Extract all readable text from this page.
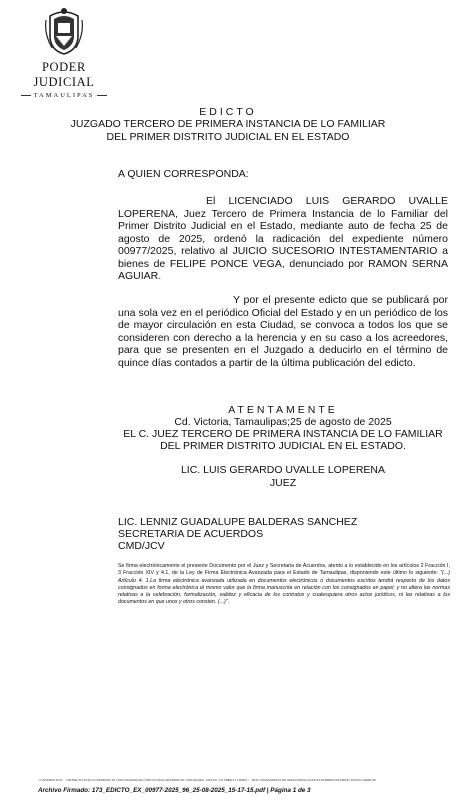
PODER JUDICIAL
TAMAULIPAS
EDICTO
JUZGADO TERCERO DE PRIMERA INSTANCIA DE LO FAMILIAR
DEL PRIMER DISTRITO JUDICIAL EN EL ESTADO
A QUIEN CORRESPONDA:
El LICENCIADO LUIS GERARDO UVALLE LOPERENA, Juez Tercero de Primera Instancia de lo Familiar del Primer Distrito Judicial en el Estado, mediante auto de fecha 25 de agosto de 2025, ordenó la radicación del expediente número 00977/2025, relativo al JUICIO SUCESORIO INTESTAMENTARIO a bienes de FELIPE PONCE VEGA, denunciado por RAMON SERNA AGUIAR.
Y por el presente edicto que se publicará por una sola vez en el periódico Oficial del Estado y en un periódico de los de mayor circulación en esta Ciudad, se convoca a todos los que se consideren con derecho a la herencia y en su caso a los acreedores, para que se presenten en el Juzgado a deducirlo en el término de quince días contados a partir de la última publicación del edicto.
ATENTAMENTE
Cd. Victoria, Tamaulipas;25 de agosto de 2025
EL C. JUEZ TERCERO DE PRIMERA INSTANCIA DE LO FAMILIAR
DEL PRIMER DISTRITO JUDICIAL EN EL ESTADO.
LIC. LUIS GERARDO UVALLE LOPERENA
JUEZ
LIC. LENNIZ GUADALUPE BALDERAS SANCHEZ
SECRETARIA DE ACUERDOS
CMD/JCV
Se firma electrónicamente el presente Documento por el Juez y Secretaria de Acuerdos, atento a lo establecido en los artículos 2 Fracción I, 3 Fracción XIV y 4.1, de la Ley de Firma Electrónica Avanzada para el Estado de Tamaulipas, disponiendo este último lo siguiente: "(...) Artículo 4. 1.La firma electrónica avanzada utilizada en documentos electrónicos o documentos escritos tendrá respecto de los datos consignados en forma electrónica el mismo valor que la firma manuscrita en relación con los consignados en papel; y no altera las normas relativas a la celebración, formalización, validez y eficacia de los contratos y cualesquiera otros actos jurídicos, ni las relativas a los documentos en que unos y otros consten. (...)".
Transacción: 58DB97D21E9F2C4A8B10F3E7D6C5B4A39281706F5E4D3C2B1A09F8E7D6C5B4A3 Datos Estampillados: 6E674369280041967AA4C605924CE8414EAB96D5E1B84F01E5EC8AAF9E
Archivo Firmado: 173_EDICTO_EX_00977-2025_96_25-08-2025_15-17-15.pdf | Página 1 de 3
